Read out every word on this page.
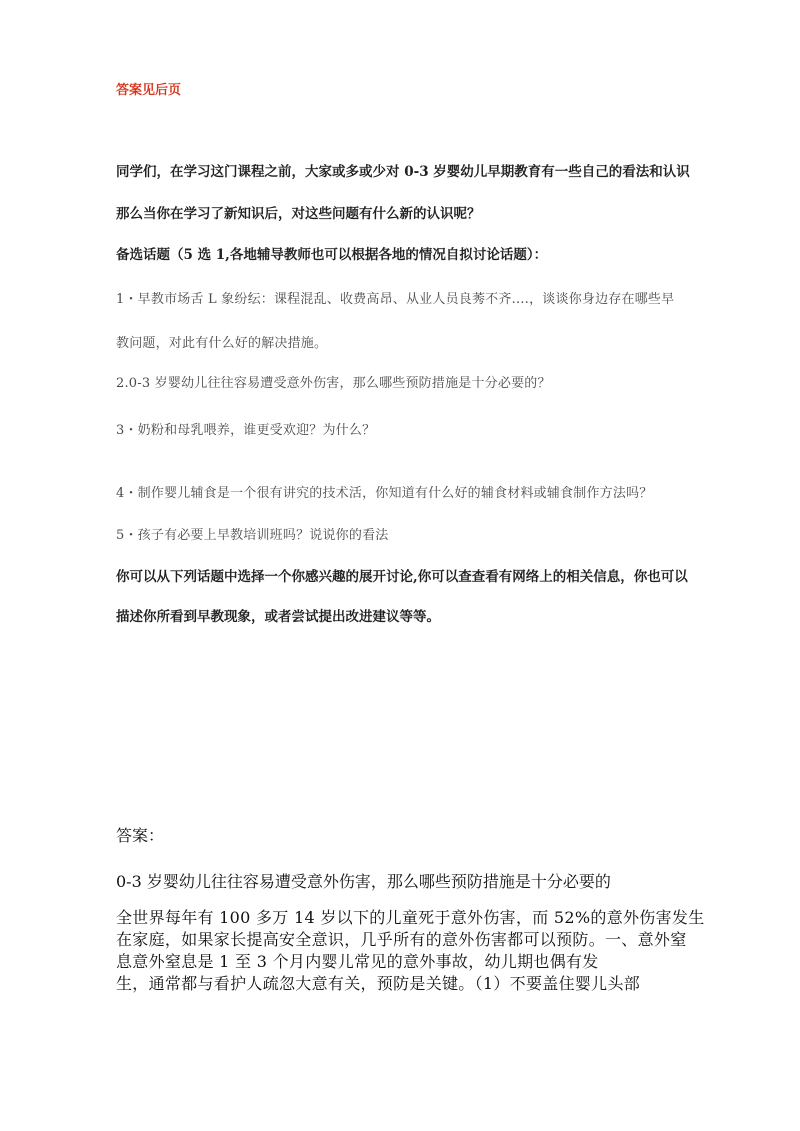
答案见后页
同学们，在学习这门课程之前，大家或多或少对 0-3 岁婴幼儿早期教育有一些自己的看法和认识
那么当你在学习了新知识后，对这些问题有什么新的认识呢？
备选话题（5 选 1,各地辅导教师也可以根据各地的情况自拟讨论话题）：
1・早教市场舌 L 象纷纭：课程混乱、收费高昂、从业人员良莠不齐.…，谈谈你身边存在哪些早
教问题，对此有什么好的解决措施。
2.0-3 岁婴幼儿往往容易遭受意外伤害，那么哪些预防措施是十分必要的？
3・奶粉和母乳喂养，谁更受欢迎？为什么？
4・制作婴儿辅食是一个很有讲究的技术活，你知道有什么好的辅食材料或辅食制作方法吗？
5・孩子有必要上早教培训班吗？说说你的看法
你可以从下列话题中选择一个你感兴趣的展开讨论,你可以查查看有网络上的相关信息，你也可以
描述你所看到早教现象，或者尝试提出改进建议等等。
答案：
0-3 岁婴幼儿往往容易遭受意外伤害，那么哪些预防措施是十分必要的
全世界每年有 100 多万 14 岁以下的儿童死于意外伤害，而 52%的意外伤害发生
在家庭，如果家长提高安全意识，几乎所有的意外伤害都可以预防。一、意外窒
息意外窒息是 1 至 3 个月内婴儿常见的意外事故，幼儿期也偶有发
生，通常都与看护人疏忽大意有关，预防是关键。（1）不要盖住婴儿头部
